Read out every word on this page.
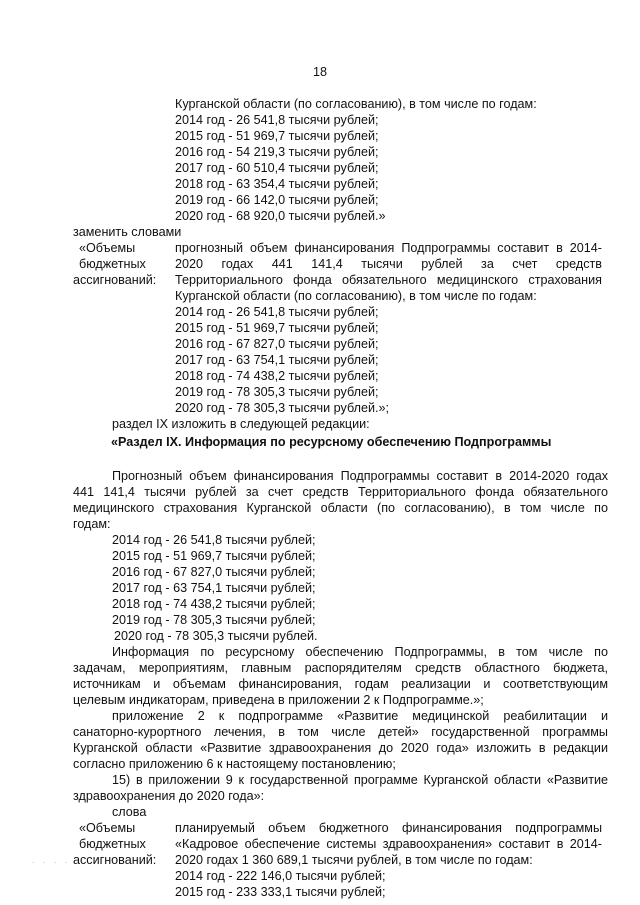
18
Курганской области (по согласованию), в том числе по годам:
2014 год - 26 541,8 тысячи рублей;
2015 год - 51 969,7 тысячи рублей;
2016 год - 54 219,3 тысячи рублей;
2017 год - 60 510,4 тысячи рублей;
2018 год - 63 354,4 тысячи рублей;
2019 год - 66 142,0 тысячи рублей;
2020 год - 68 920,0 тысячи рублей.»
заменить словами
«Объемы
бюджетных
ассигнований:
прогнозный объем финансирования Подпрограммы составит в 2014-
2020 годах 441 141,4 тысячи рублей за счет средств
Территориального фонда обязательного медицинского страхования
Курганской области (по согласованию), в том числе по годам:
2014 год - 26 541,8 тысячи рублей;
2015 год - 51 969,7 тысячи рублей;
2016 год - 67 827,0 тысячи рублей;
2017 год - 63 754,1 тысячи рублей;
2018 год - 74 438,2 тысячи рублей;
2019 год - 78 305,3 тысячи рублей;
2020 год - 78 305,3 тысячи рублей.»;
раздел IX изложить в следующей редакции:
«Раздел IX. Информация по ресурсному обеспечению Подпрограммы
Прогнозный объем финансирования Подпрограммы составит в 2014-2020 годах
441 141,4 тысячи рублей за счет средств Территориального фонда обязательного
медицинского страхования Курганской области (по согласованию), в том числе по
годам:
2014 год - 26 541,8 тысячи рублей;
2015 год - 51 969,7 тысячи рублей;
2016 год - 67 827,0 тысячи рублей;
2017 год - 63 754,1 тысячи рублей;
2018 год - 74 438,2 тысячи рублей;
2019 год - 78 305,3 тысячи рублей;
2020 год - 78 305,3 тысячи рублей.
Информация по ресурсному обеспечению Подпрограммы, в том числе по
задачам, мероприятиям, главным распорядителям средств областного бюджета,
источникам и объемам финансирования, годам реализации и соответствующим
целевым индикаторам, приведена в приложении 2 к Подпрограмме.»;
приложение 2 к подпрограмме «Развитие медицинской реабилитации и
санаторно-курортного лечения, в том числе детей» государственной программы
Курганской области «Развитие здравоохранения до 2020 года» изложить в редакции
согласно приложению 6 к настоящему постановлению;
15) в приложении 9 к государственной программе Курганской области «Развитие
здравоохранения до 2020 года»:
слова
«Объемы
бюджетных
ассигнований:
планируемый объем бюджетного финансирования подпрограммы
«Кадровое обеспечение системы здравоохранения» составит в 2014-
2020 годах 1 360 689,1 тысячи рублей, в том числе по годам:
2014 год - 222 146,0 тысячи рублей;
2015 год - 233 333,1 тысячи рублей;
. . . . .
